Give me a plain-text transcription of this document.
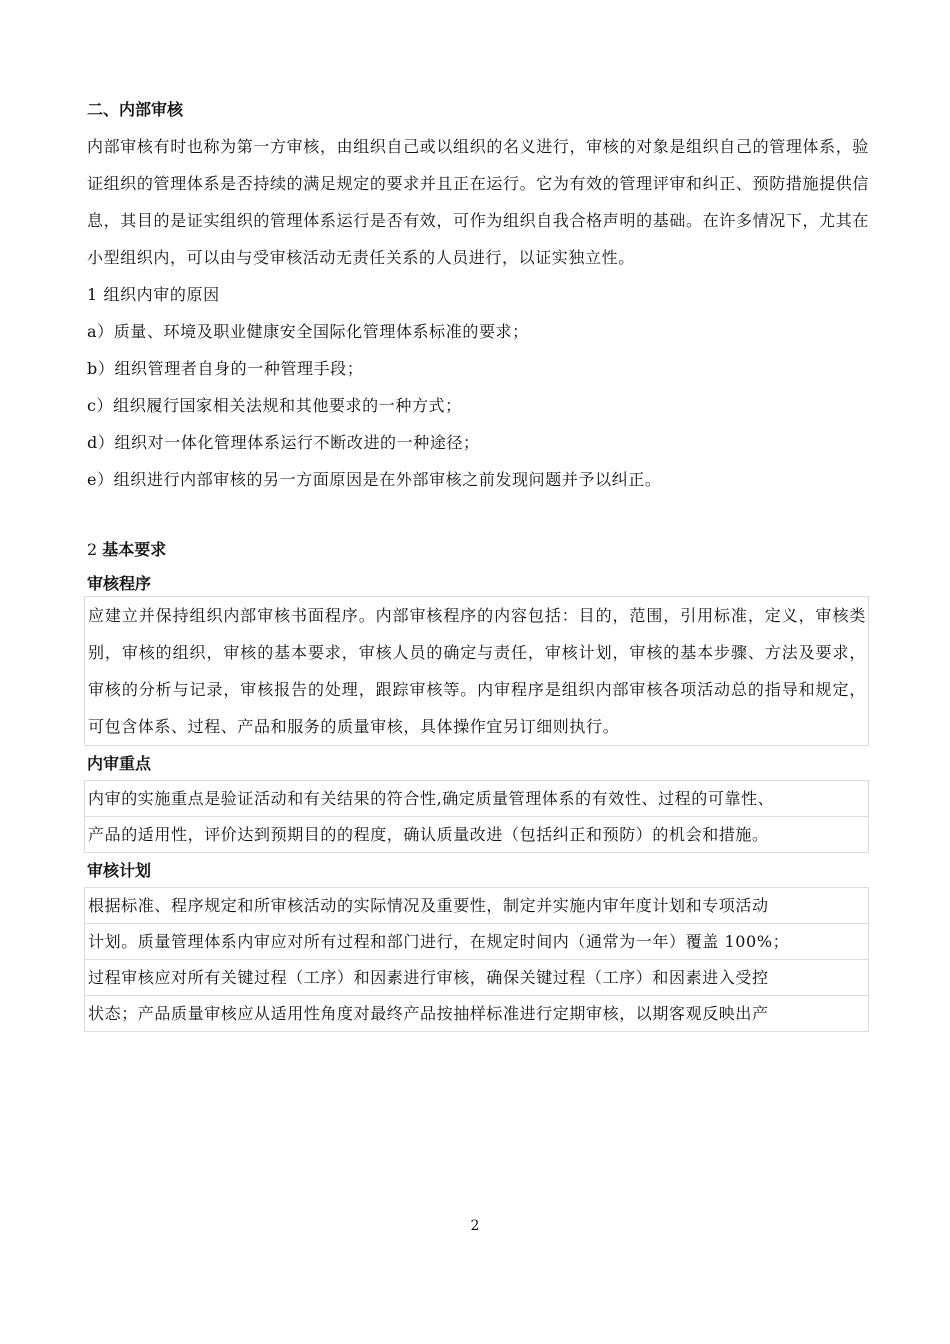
二、内部审核
内部审核有时也称为第一方审核，由组织自己或以组织的名义进行，审核的对象是组织自己的管理体系，验证组织的管理体系是否持续的满足规定的要求并且正在运行。它为有效的管理评审和纠正、预防措施提供信息，其目的是证实组织的管理体系运行是否有效，可作为组织自我合格声明的基础。在许多情况下，尤其在小型组织内，可以由与受审核活动无责任关系的人员进行，以证实独立性。
1 组织内审的原因
a）质量、环境及职业健康安全国际化管理体系标准的要求；
b）组织管理者自身的一种管理手段；
c）组织履行国家相关法规和其他要求的一种方式；
d）组织对一体化管理体系运行不断改进的一种途径；
e）组织进行内部审核的另一方面原因是在外部审核之前发现问题并予以纠正。
2 基本要求
审核程序
应建立并保持组织内部审核书面程序。内部审核程序的内容包括：目的，范围，引用标准，定义，审核类别，审核的组织，审核的基本要求，审核人员的确定与责任，审核计划，审核的基本步骤、方法及要求，审核的分析与记录，审核报告的处理，跟踪审核等。内审程序是组织内部审核各项活动总的指导和规定，可包含体系、过程、产品和服务的质量审核，具体操作宜另订细则执行。
内审重点
内审的实施重点是验证活动和有关结果的符合性,确定质量管理体系的有效性、过程的可靠性、
产品的适用性，评价达到预期目的的程度，确认质量改进（包括纠正和预防）的机会和措施。
审核计划
根据标准、程序规定和所审核活动的实际情况及重要性，制定并实施内审年度计划和专项活动
计划。质量管理体系内审应对所有过程和部门进行，在规定时间内（通常为一年）覆盖 100%；
过程审核应对所有关键过程（工序）和因素进行审核，确保关键过程（工序）和因素进入受控
状态；产品质量审核应从适用性角度对最终产品按抽样标准进行定期审核，以期客观反映出产
2
